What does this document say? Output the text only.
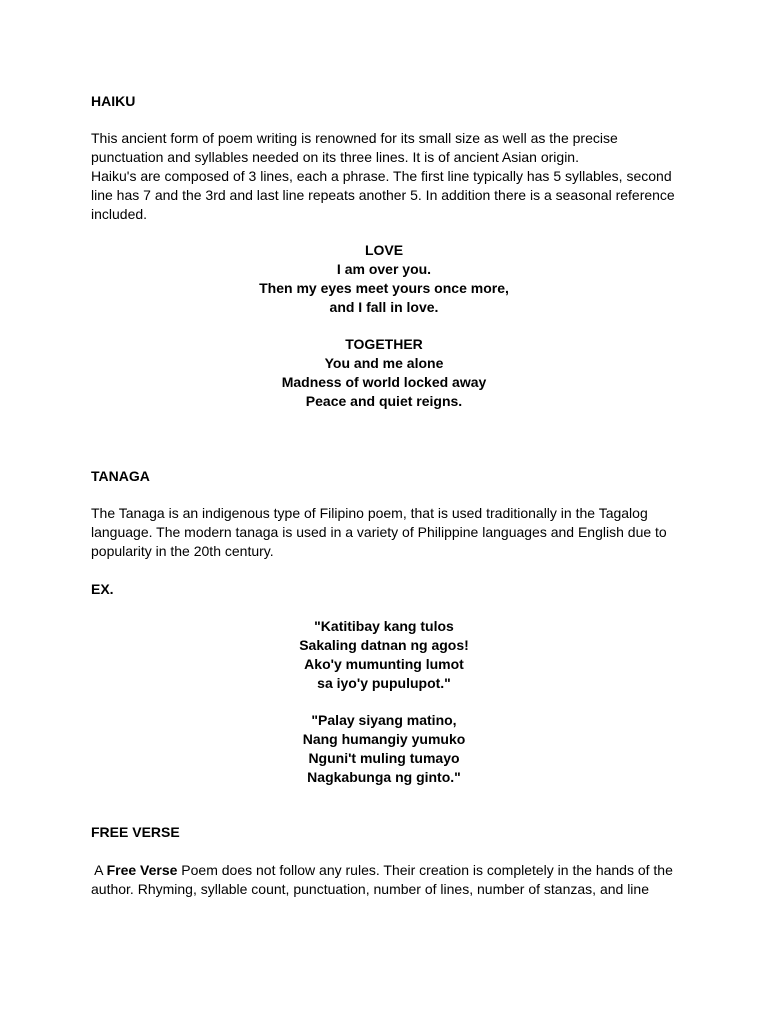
HAIKU
This ancient form of poem writing is renowned for its small size as well as the precise
punctuation and syllables needed on its three lines. It is of ancient Asian origin.
Haiku's are composed of 3 lines, each a phrase. The first line typically has 5 syllables, second
line has 7 and the 3rd and last line repeats another 5. In addition there is a seasonal reference
included.
LOVE
I am over you.
Then my eyes meet yours once more,
and I fall in love.
TOGETHER
You and me alone
Madness of world locked away
Peace and quiet reigns.
TANAGA
The Tanaga is an indigenous type of Filipino poem, that is used traditionally in the Tagalog
language. The modern tanaga is used in a variety of Philippine languages and English due to
popularity in the 20th century.
EX.
"Katitibay kang tulos
Sakaling datnan ng agos!
Ako'y mumunting lumot
sa iyo'y pupulupot."
"Palay siyang matino,
Nang humangiy yumuko
Nguni't muling tumayo
Nagkabunga ng ginto."
FREE VERSE
A Free Verse Poem does not follow any rules. Their creation is completely in the hands of the
author. Rhyming, syllable count, punctuation, number of lines, number of stanzas, and line
